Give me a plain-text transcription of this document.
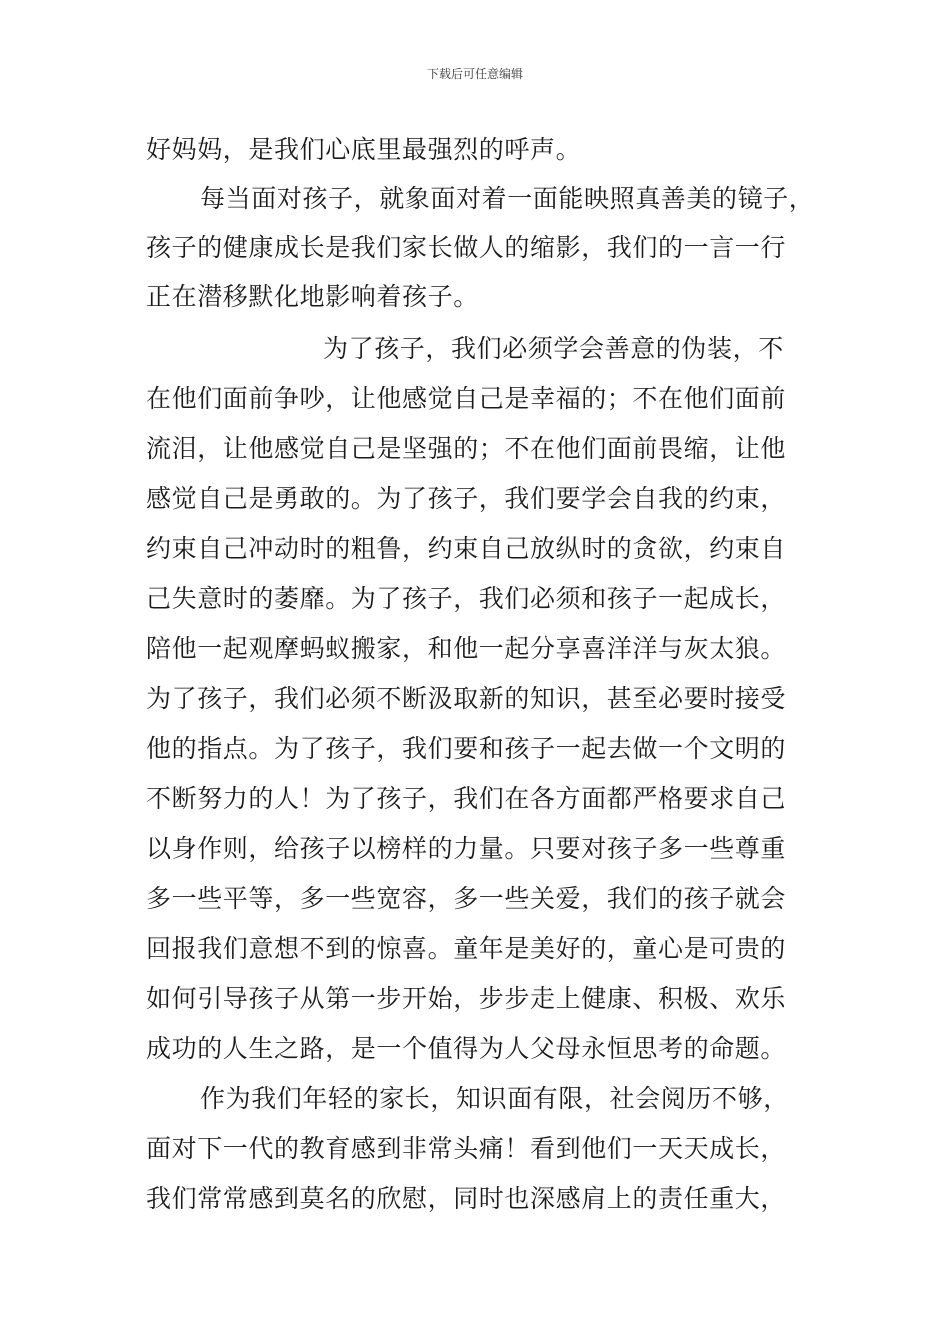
下载后可任意编辑
好妈妈，是我们心底里最强烈的呼声。
每当面对孩子，就象面对着一面能映照真善美的镜子，
孩子的健康成长是我们家长做人的缩影，我们的一言一行
正在潜移默化地影响着孩子。
为了孩子，我们必须学会善意的伪装，不
在他们面前争吵，让他感觉自己是幸福的；不在他们面前
流泪，让他感觉自己是坚强的；不在他们面前畏缩，让他
感觉自己是勇敢的。为了孩子，我们要学会自我的约束，
约束自己冲动时的粗鲁，约束自己放纵时的贪欲，约束自
己失意时的萎靡。为了孩子，我们必须和孩子一起成长，
陪他一起观摩蚂蚁搬家，和他一起分享喜洋洋与灰太狼。
为了孩子，我们必须不断汲取新的知识，甚至必要时接受
他的指点。为了孩子，我们要和孩子一起去做一个文明的
不断努力的人！为了孩子，我们在各方面都严格要求自己
以身作则，给孩子以榜样的力量。只要对孩子多一些尊重
多一些平等，多一些宽容，多一些关爱，我们的孩子就会
回报我们意想不到的惊喜。童年是美好的，童心是可贵的
如何引导孩子从第一步开始，步步走上健康、积极、欢乐
成功的人生之路，是一个值得为人父母永恒思考的命题。
作为我们年轻的家长，知识面有限，社会阅历不够，
面对下一代的教育感到非常头痛！看到他们一天天成长，
我们常常感到莫名的欣慰，同时也深感肩上的责任重大，
